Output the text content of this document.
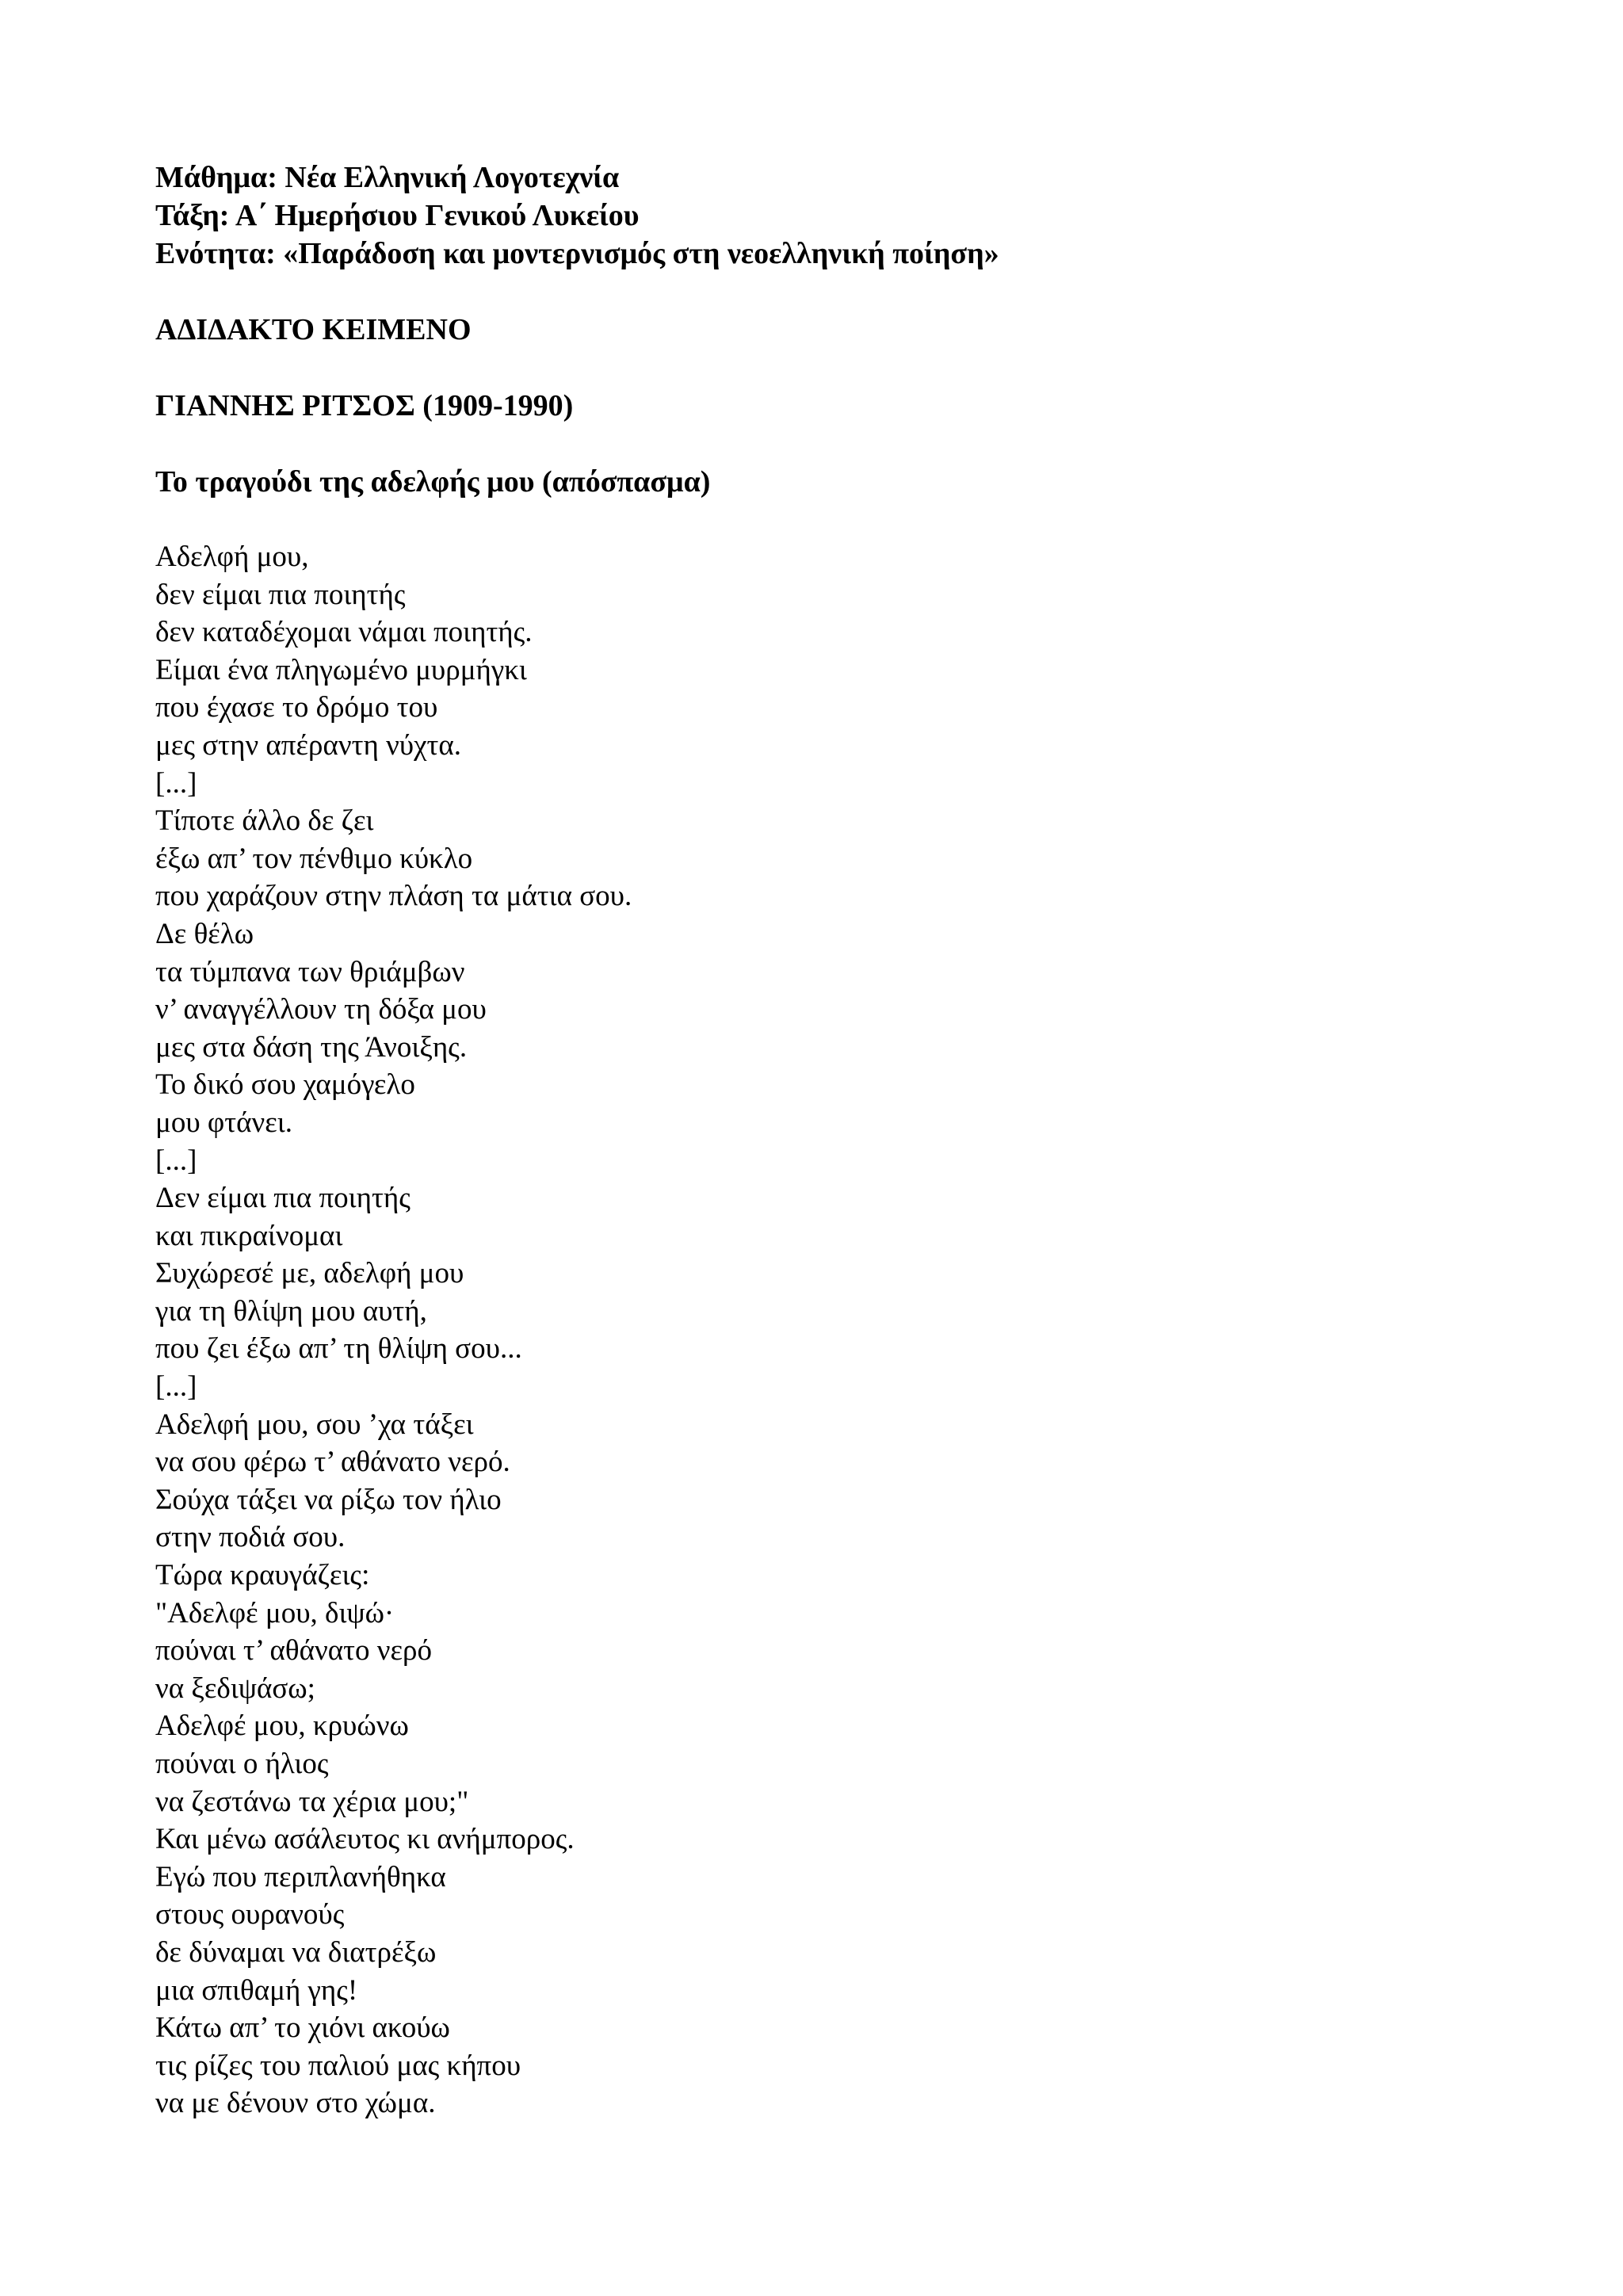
Μάθημα: Νέα Ελληνική Λογοτεχνία

Τάξη: Α΄ Ημερήσιου Γενικού Λυκείου

Ενότητα: «Παράδοση και μοντερνισμός στη νεοελληνική ποίηση»

ΑΔΙΔΑΚΤΟ ΚΕΙΜΕΝΟ

ΓΙΑΝΝΗΣ ΡΙΤΣΟΣ (1909-1990)

Το τραγούδι της αδελφής μου (απόσπασμα)

Αδελφή μου,

δεν είμαι πια ποιητής

δεν καταδέχομαι νάμαι ποιητής.

Είμαι ένα πληγωμένο μυρμήγκι

που έχασε το δρόμο του

μες στην απέραντη νύχτα.

[...]

Τίποτε άλλο δε ζει

έξω απ’ τον πένθιμο κύκλο

που χαράζουν στην πλάση τα μάτια σου.

Δε θέλω

τα τύμπανα των θριάμβων

ν’ αναγγέλλουν τη δόξα μου

μες στα δάση της Άνοιξης.

Το δικό σου χαμόγελο

μου φτάνει.

[...]

Δεν είμαι πια ποιητής

και πικραίνομαι

Συχώρεσέ με, αδελφή μου

για τη θλίψη μου αυτή,

που ζει έξω απ’ τη θλίψη σου...

[...]

Αδελφή μου, σου ’χα τάξει

να σου φέρω τ’ αθάνατο νερό.

Σούχα τάξει να ρίξω τον ήλιο

στην ποδιά σου.

Τώρα κραυγάζεις:

"Αδελφέ μου, διψώ·

πούναι τ’ αθάνατο νερό

να ξεδιψάσω;

Αδελφέ μου, κρυώνω

πούναι ο ήλιος

να ζεστάνω τα χέρια μου;"

Και μένω ασάλευτος κι ανήμπορος.

Εγώ που περιπλανήθηκα

στους ουρανούς

δε δύναμαι να διατρέξω

μια σπιθαμή γης!

Κάτω απ’ το χιόνι ακούω

τις ρίζες του παλιού μας κήπου

να με δένουν στο χώμα.
